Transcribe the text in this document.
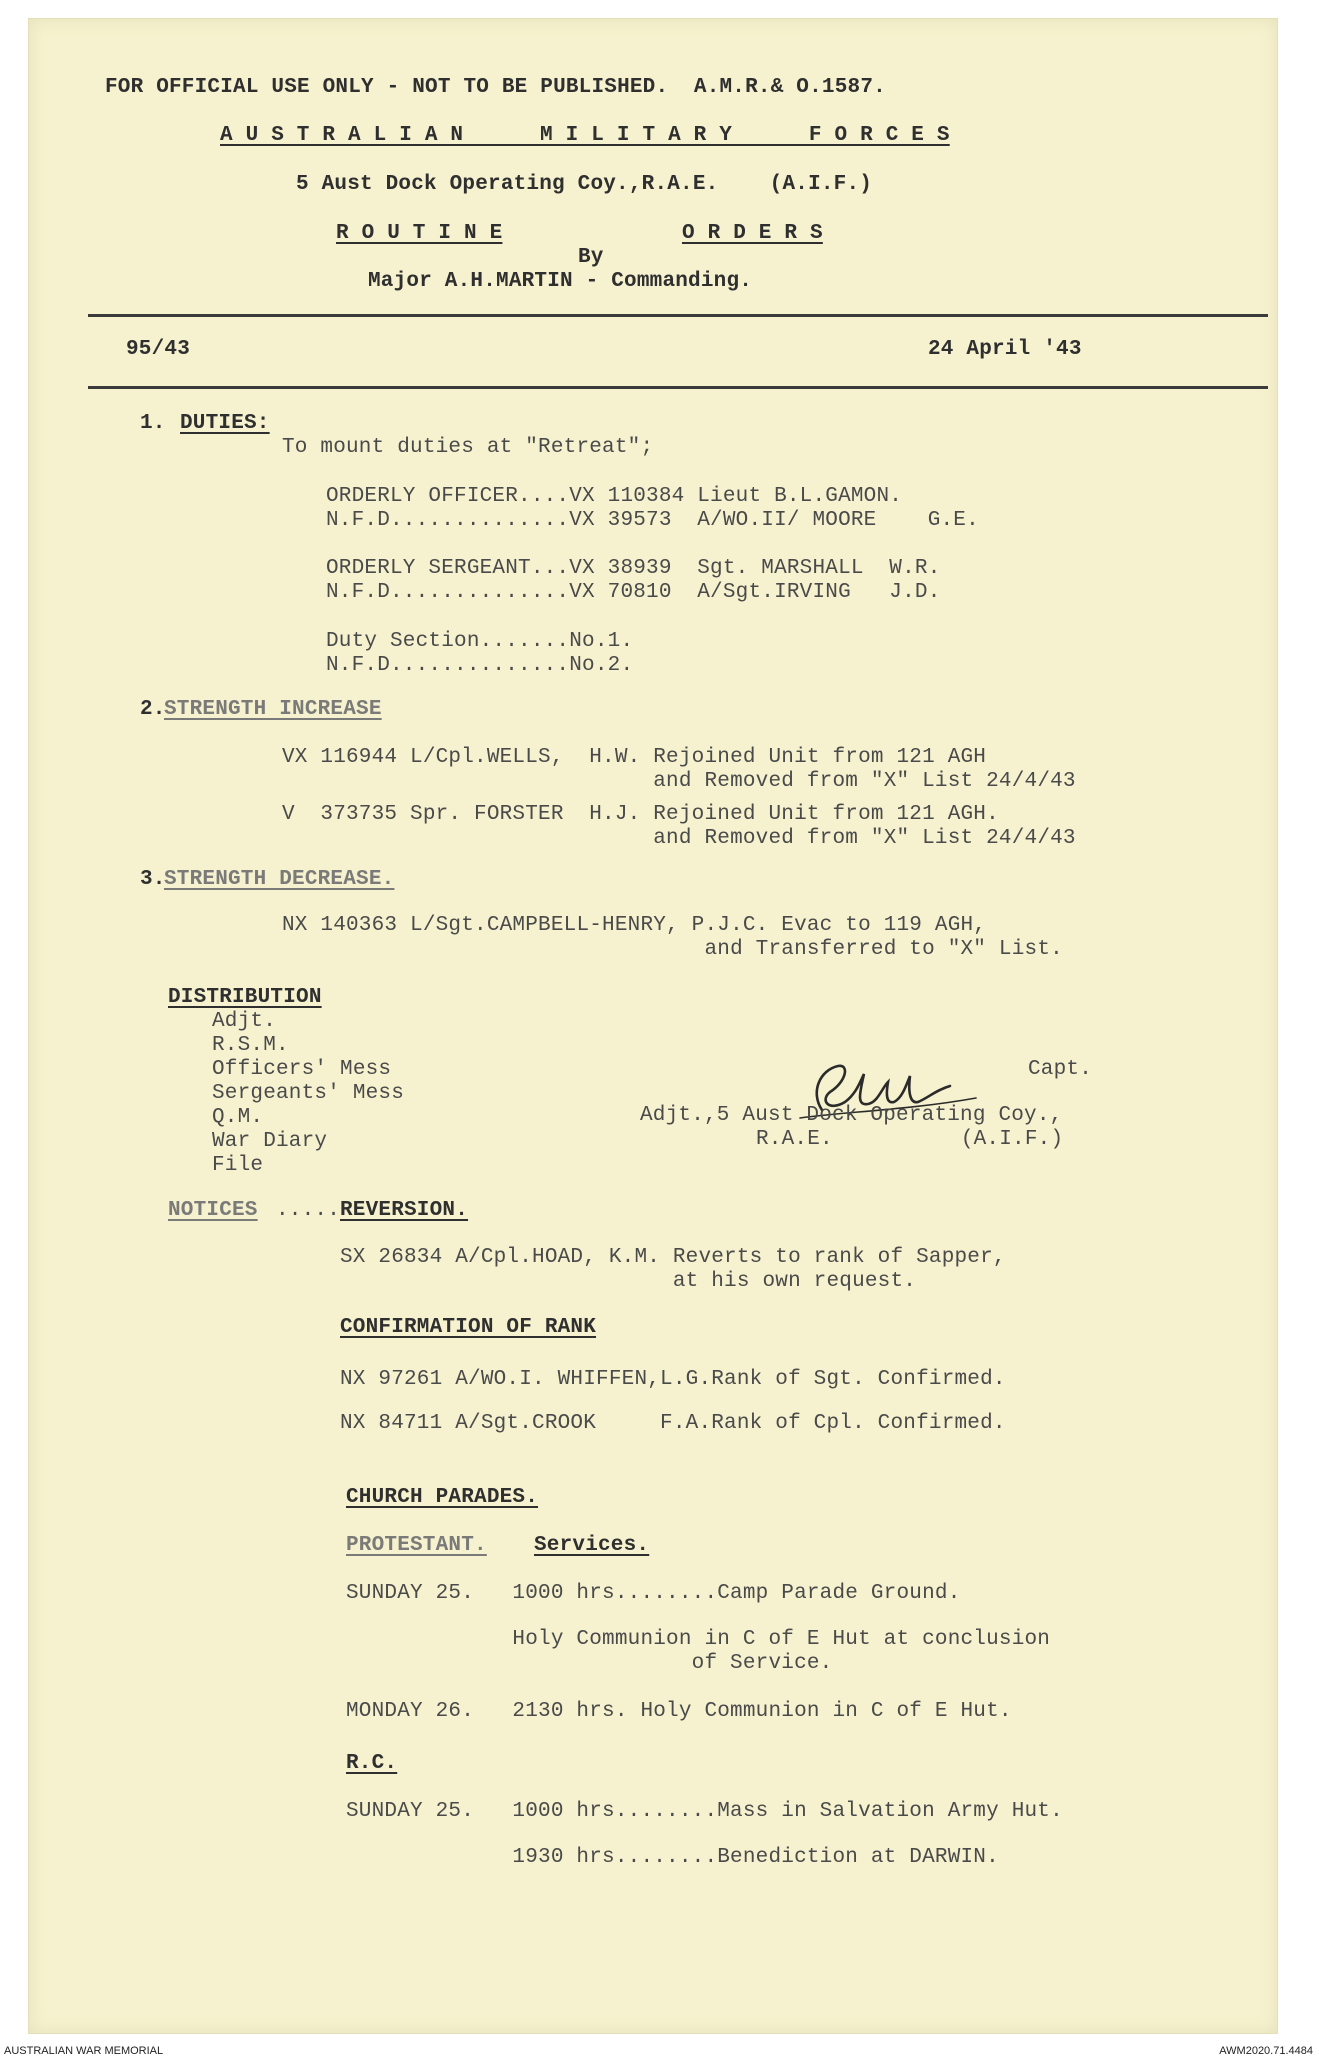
FOR OFFICIAL USE ONLY - NOT TO BE PUBLISHED.  A.M.R.& O.1587.
A U S T R A L I A N      M I L I T A R Y      F O R C E S
5 Aust Dock Operating Coy.,R.A.E.    (A.I.F.)
R O U T I N E	O R D E R S
By
Major A.H.MARTIN - Commanding.
95/43	24 April '43
1. DUTIES:
To mount duties at "Retreat";
ORDERLY OFFICER....VX 110384 Lieut B.L.GAMON.
N.F.D..............VX 39573  A/WO.II/ MOORE    G.E.
ORDERLY SERGEANT...VX 38939  Sgt. MARSHALL  W.R.
N.F.D..............VX 70810  A/Sgt.IRVING   J.D.
Duty Section.......No.1.
N.F.D..............No.2.
2.
STRENGTH INCREASE
VX 116944 L/Cpl.WELLS,  H.W. Rejoined Unit from 121 AGH
and Removed from "X" List 24/4/43
V  373735 Spr. FORSTER  H.J. Rejoined Unit from 121 AGH.
and Removed from "X" List 24/4/43
3.
STRENGTH DECREASE.
NX 140363 L/Sgt.CAMPBELL-HENRY, P.J.C. Evac to 119 AGH,
and Transferred to "X" List.
DISTRIBUTION
Adjt.
R.S.M.
Officers' Mess
Sergeants' Mess
Q.M.
War Diary
File
Capt.
Adjt.,5 Aust Dock Operating Coy.,
R.A.E.          (A.I.F.)
NOTICES ..... REVERSION.
SX 26834 A/Cpl.HOAD, K.M. Reverts to rank of Sapper,
at his own request.
CONFIRMATION OF RANK
NX 97261 A/WO.I. WHIFFEN,L.G.Rank of Sgt. Confirmed.
NX 84711 A/Sgt.CROOK     F.A.Rank of Cpl. Confirmed.
CHURCH PARADES.
PROTESTANT. Services.
SUNDAY 25.   1000 hrs........Camp Parade Ground.
Holy Communion in C of E Hut at conclusion
of Service.
MONDAY 26.   2130 hrs. Holy Communion in C of E Hut.
R.C.
SUNDAY 25.   1000 hrs........Mass in Salvation Army Hut.
1930 hrs........Benediction at DARWIN.
AUSTRALIAN WAR MEMORIAL	AWM2020.71.4484
